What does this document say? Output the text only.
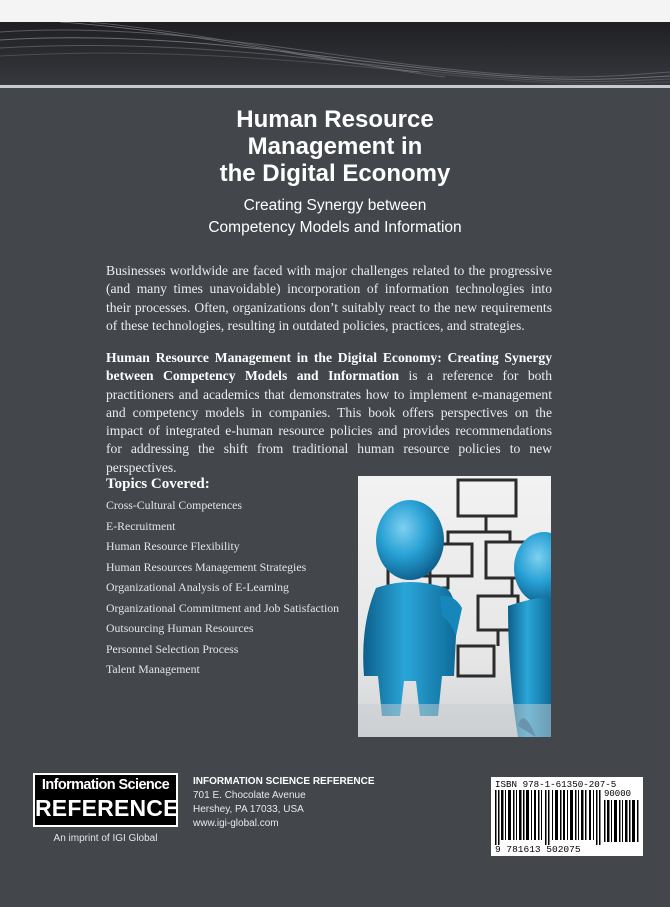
Human Resource
Management in
the Digital Economy
Creating Synergy between
Competency Models and Information

Businesses worldwide are faced with major challenges related to the progressive (and many times unavoidable) incorporation of information technologies into their processes. Often, organizations don’t suitably react to the new requirements of these technologies, resulting in outdated policies, practices, and strategies.

Human Resource Management in the Digital Economy: Creating Synergy between Competency Models and Information is a reference for both practitioners and academics that demonstrates how to implement e-management and competency models in companies. This book offers perspectives on the impact of integrated e-human resource policies and provides recommendations for addressing the shift from traditional human resource policies to new perspectives.

Topics Covered:
Cross-Cultural Competences
E-Recruitment
Human Resource Flexibility
Human Resources Management Strategies
Organizational Analysis of E-Learning
Organizational Commitment and Job Satisfaction
Outsourcing Human Resources
Personnel Selection Process
Talent Management
Information Science
REFERENCE
An imprint of IGI Global
INFORMATION SCIENCE REFERENCE
701 E. Chocolate Avenue
Hershey, PA 17033, USA
www.igi-global.com
ISBN 978-1-61350-207-5
90000
9 781613 502075
